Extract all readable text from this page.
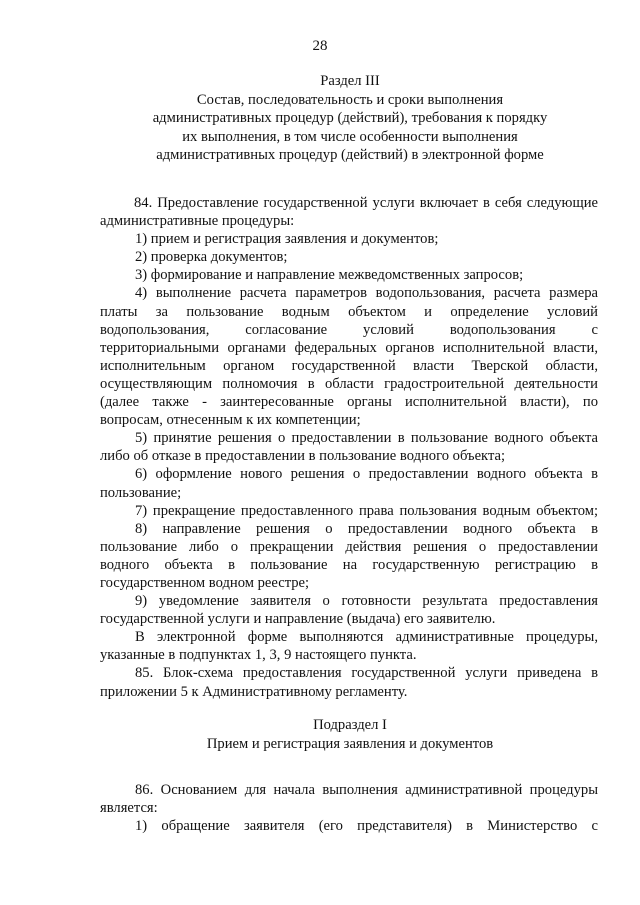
28
Раздел III
Состав, последовательность и сроки выполнения
административных процедур (действий), требования к порядку
их выполнения, в том числе особенности выполнения
административных процедур (действий) в электронной форме
84. Предоставление государственной услуги включает в себя следующие
административные процедуры:
1) прием и регистрация заявления и документов;
2) проверка документов;
3) формирование и направление межведомственных запросов;
4) выполнение расчета параметров водопользования, расчета размера
платы за пользование водным объектом и определение условий
водопользования, согласование условий водопользования с
территориальными органами федеральных органов исполнительной власти,
исполнительным органом государственной власти Тверской области,
осуществляющим полномочия в области градостроительной деятельности
(далее также - заинтересованные органы исполнительной власти), по
вопросам, отнесенным к их компетенции;
5) принятие решения о предоставлении в пользование водного объекта
либо об отказе в предоставлении в пользование водного объекта;
6) оформление нового решения о предоставлении водного объекта в
пользование;
7) прекращение предоставленного права пользования водным объектом;
8) направление решения о предоставлении водного объекта в
пользование либо о прекращении действия решения о предоставлении
водного объекта в пользование на государственную регистрацию в
государственном водном реестре;
9) уведомление заявителя о готовности результата предоставления
государственной услуги и направление (выдача) его заявителю.
В электронной форме выполняются административные процедуры,
указанные в подпунктах 1, 3, 9 настоящего пункта.
85. Блок-схема предоставления государственной услуги приведена в
приложении 5 к Административному регламенту.
Подраздел I
Прием и регистрация заявления и документов
86. Основанием для начала выполнения административной процедуры
является:
1) обращение заявителя (его представителя) в Министерство с
